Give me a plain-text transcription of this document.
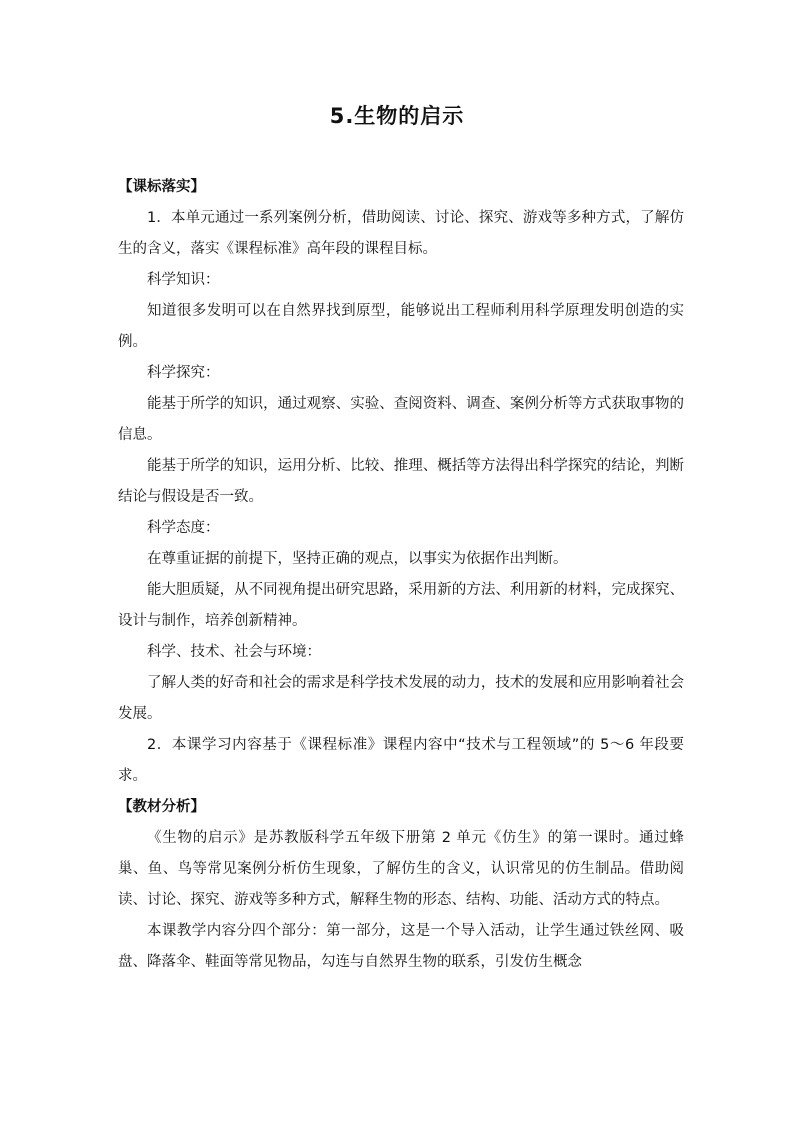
5.生物的启示

【课标落实】

1．本单元通过一系列案例分析，借助阅读、讨论、探究、游戏等多种方式，了解仿生的含义，落实《课程标准》高年段的课程目标。

科学知识：

知道很多发明可以在自然界找到原型，能够说出工程师利用科学原理发明创造的实例。

科学探究：

能基于所学的知识，通过观察、实验、查阅资料、调查、案例分析等方式获取事物的信息。

能基于所学的知识，运用分析、比较、推理、概括等方法得出科学探究的结论，判断结论与假设是否一致。

科学态度：

在尊重证据的前提下，坚持正确的观点，以事实为依据作出判断。

能大胆质疑，从不同视角提出研究思路，采用新的方法、利用新的材料，完成探究、设计与制作，培养创新精神。

科学、技术、社会与环境：

了解人类的好奇和社会的需求是科学技术发展的动力，技术的发展和应用影响着社会发展。

2．本课学习内容基于《课程标准》课程内容中“技术与工程领域”的 5～6 年段要求。

【教材分析】

《生物的启示》是苏教版科学五年级下册第 2 单元《仿生》的第一课时。通过蜂巢、鱼、鸟等常见案例分析仿生现象，了解仿生的含义，认识常见的仿生制品。借助阅读、讨论、探究、游戏等多种方式，解释生物的形态、结构、功能、活动方式的特点。

本课教学内容分四个部分：第一部分，这是一个导入活动，让学生通过铁丝网、吸盘、降落伞、鞋面等常见物品，勾连与自然界生物的联系，引发仿生概念
